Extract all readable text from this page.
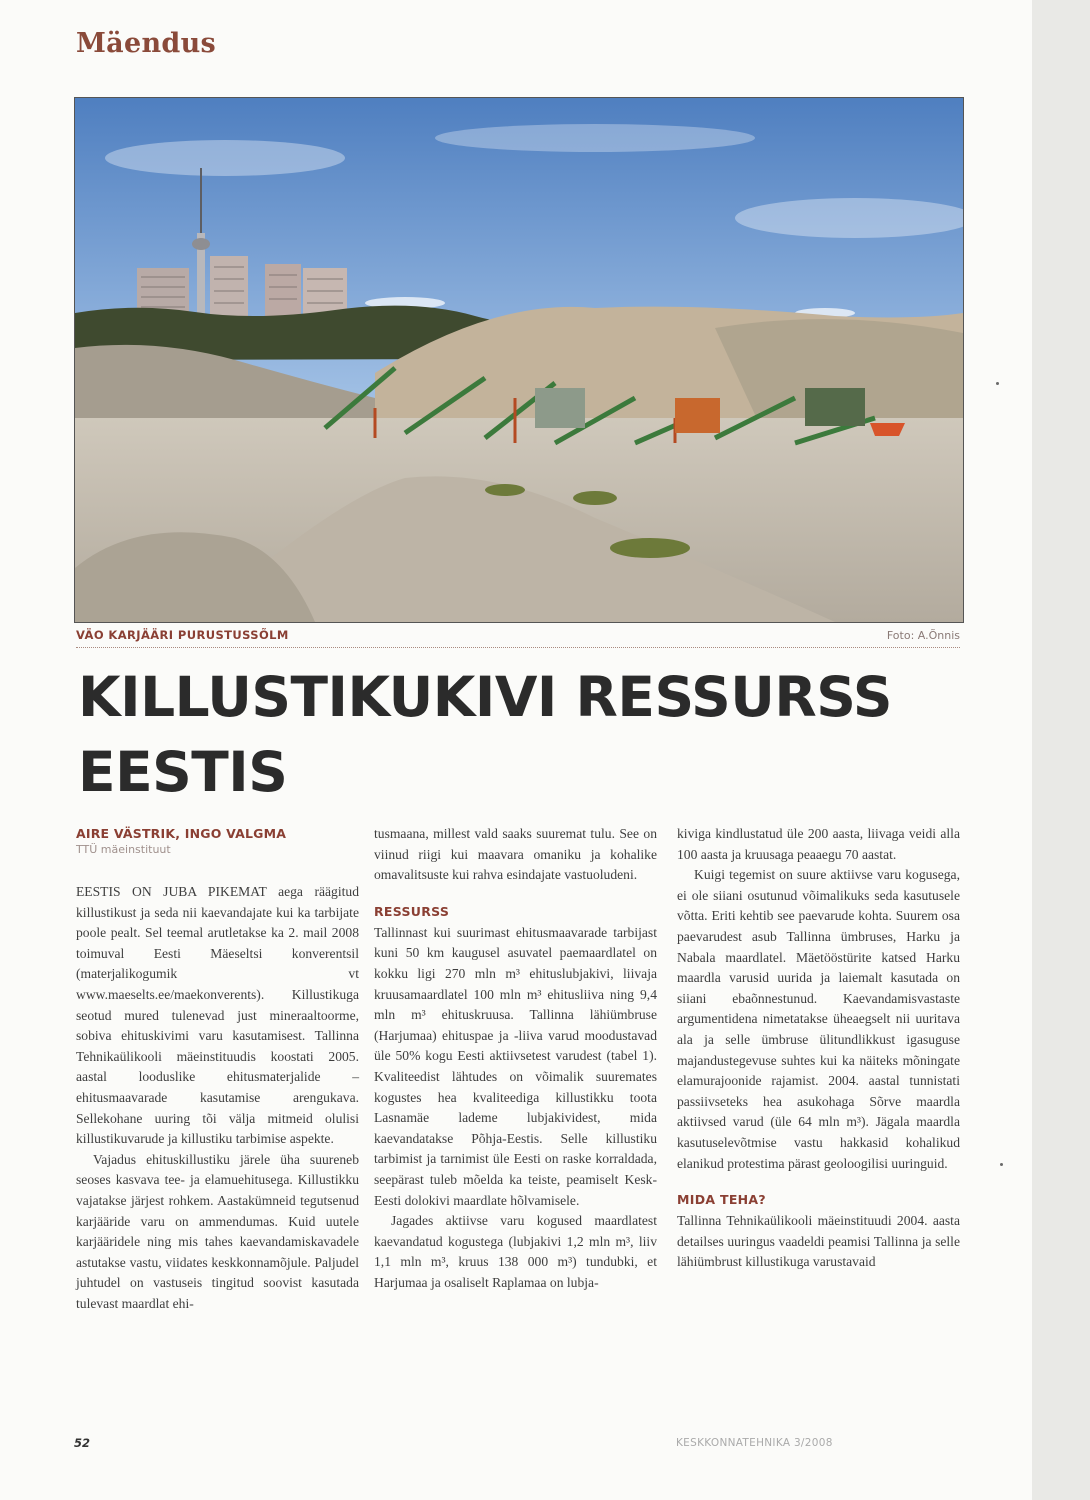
Mäendus
VÄO KARJÄÄRI PURUSTUSSÕLM	Foto: A.Õnnis
KILLUSTIKUKIVI RESSURSS
EESTIS
AIRE VÄSTRIK, INGO VALGMA
TTÜ mäeinstituut

EESTIS ON JUBA PIKEMAT aega räägitud killustikust ja seda nii kaevandajate kui ka tarbijate poole pealt. Sel teemal arutletakse ka 2. mail 2008 toimuval Eesti Mäeseltsi konverentsil (materjalikogumik vt www.maeselts.ee/maekonverents). Killustikuga seotud mured tulenevad just mineraaltoorme, sobiva ehituskivimi varu kasutamisest. Tallinna Tehnikaülikooli mäeinstituudis koostati 2005. aastal looduslike ehitusmaterjalide – ehitusmaavarade kasutamise arengukava. Sellekohane uuring tõi välja mitmeid olulisi killustikuvarude ja killustiku tarbimise aspekte.

Vajadus ehituskillustiku järele üha suureneb seoses kasvava tee- ja elamuehitusega. Killustikku vajatakse järjest rohkem. Aastakümneid tegutsenud karjääride varu on ammendumas. Kuid uutele karjääridele ning mis tahes kaevandamiskavadele astutakse vastu, viidates keskkonnamõjule. Paljudel juhtudel on vastuseis tingitud soovist kasutada tulevast maardlat ehi-

tusmaana, millest vald saaks suuremat tulu. See on viinud riigi kui maavara omaniku ja kohalike omavalitsuste kui rahva esindajate vastuoludeni.

RESSURSS

Tallinnast kui suurimast ehitusmaavarade tarbijast kuni 50 km kaugusel asuvatel paemaardlatel on kokku ligi 270 mln m³ ehituslubjakivi, liivaja kruusamaardlatel 100 mln m³ ehitusliiva ning 9,4 mln m³ ehituskruusa. Tallinna lähiümbruse (Harjumaa) ehituspae ja -liiva varud moodustavad üle 50% kogu Eesti aktiivsetest varudest (tabel 1). Kvaliteedist lähtudes on võimalik suuremates kogustes hea kvaliteediga killustikku toota Lasnamäe lademe lubjakividest, mida kaevandatakse Põhja-Eestis. Selle killustiku tarbimist ja tarnimist üle Eesti on raske korraldada, seepärast tuleb mõelda ka teiste, peamiselt Kesk-Eesti dolokivi maardlate hõlvamisele.

Jagades aktiivse varu kogused maardlatest kaevandatud kogustega (lubjakivi 1,2 mln m³, liiv 1,1 mln m³, kruus 138 000 m³) tundubki, et Harjumaa ja osaliselt Raplamaa on lubja-

kiviga kindlustatud üle 200 aasta, liivaga veidi alla 100 aasta ja kruusaga peaaegu 70 aastat.

Kuigi tegemist on suure aktiivse varu kogusega, ei ole siiani osutunud võimalikuks seda kasutusele võtta. Eriti kehtib see paevarude kohta. Suurem osa paevarudest asub Tallinna ümbruses, Harku ja Nabala maardlatel. Mäetööstürite katsed Harku maardla varusid uurida ja laiemalt kasutada on siiani ebaõnnestunud. Kaevandamisvastaste argumentidena nimetatakse üheaegselt nii uuritava ala ja selle ümbruse ülitundlikkust igasuguse majandustegevuse suhtes kui ka näiteks mõningate elamurajoonide rajamist. 2004. aastal tunnistati passiivseteks hea asukohaga Sõrve maardla aktiivsed varud (üle 64 mln m³). Jägala maardla kasutuselevõtmise vastu hakkasid kohalikud elanikud protestima pärast geoloogilisi uuringuid.

MIDA TEHA?

Tallinna Tehnikaülikooli mäeinstituudi 2004. aasta detailses uuringus vaadeldi peamisi Tallinna ja selle lähiümbrust killustikuga varustavaid

52	KESKKONNATEHNIKA 3/2008
